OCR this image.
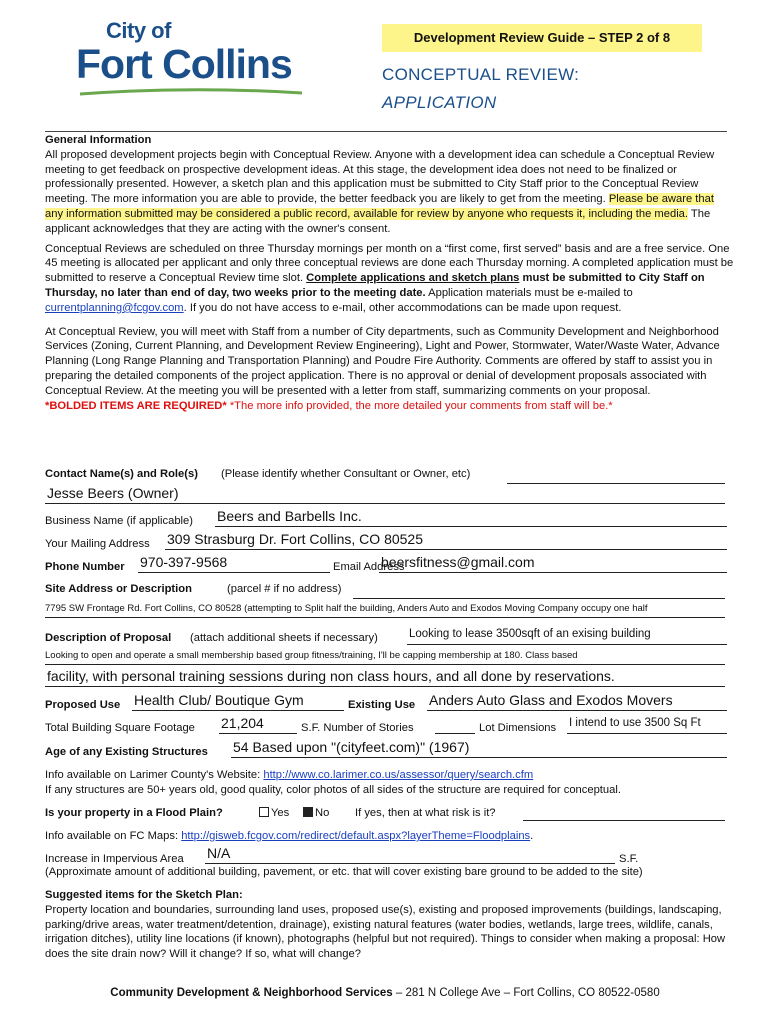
City of
Fort Collins
Development Review Guide – STEP 2 of 8
CONCEPTUAL REVIEW:
APPLICATION
General Information
All proposed development projects begin with Conceptual Review. Anyone with a development idea can schedule a Conceptual Review meeting to get feedback on prospective development ideas. At this stage, the development idea does not need to be finalized or professionally presented. However, a sketch plan and this application must be submitted to City Staff prior to the Conceptual Review meeting. The more information you are able to provide, the better feedback you are likely to get from the meeting. Please be aware that any information submitted may be considered a public record, available for review by anyone who requests it, including the media. The applicant acknowledges that they are acting with the owner's consent.
Conceptual Reviews are scheduled on three Thursday mornings per month on a “first come, first served” basis and are a free service. One 45 meeting is allocated per applicant and only three conceptual reviews are done each Thursday morning. A completed application must be submitted to reserve a Conceptual Review time slot. Complete applications and sketch plans must be submitted to City Staff on Thursday, no later than end of day, two weeks prior to the meeting date. Application materials must be e-mailed to currentplanning@fcgov.com. If you do not have access to e-mail, other accommodations can be made upon request.
At Conceptual Review, you will meet with Staff from a number of City departments, such as Community Development and Neighborhood Services (Zoning, Current Planning, and Development Review Engineering), Light and Power, Stormwater, Water/Waste Water, Advance Planning (Long Range Planning and Transportation Planning) and Poudre Fire Authority. Comments are offered by staff to assist you in preparing the detailed components of the project application. There is no approval or denial of development proposals associated with Conceptual Review. At the meeting you will be presented with a letter from staff, summarizing comments on your proposal.
*BOLDED ITEMS ARE REQUIRED* *The more info provided, the more detailed your comments from staff will be.*
Contact Name(s) and Role(s) (Please identify whether Consultant or Owner, etc)
Jesse Beers (Owner)
Business Name (if applicable) Beers and Barbells Inc.
Your Mailing Address 309 Strasburg Dr. Fort Collins, CO 80525
Phone Number 970-397-9568	Email Address
beersfitness@gmail.com
Site Address or Description	(parcel # if no address)
7795 SW Frontage Rd. Fort Collins, CO 80528 (attempting to Split half the building, Anders Auto and Exodos Moving Company occupy one half
Description of Proposal (attach additional sheets if necessary)	Looking to lease 3500sqft of an exising building
Looking to open and operate a small membership based group fitness/training, I'll be capping membership at 180. Class based
facility, with personal training sessions during non class hours, and all done by reservations.
Proposed Use Health Club/ Boutique Gym	Existing Use Anders Auto Glass and Exodos Movers
Total Building Square Footage 21,204	S.F. Number of Stories	Lot Dimensions I intend to use 3500 Sq Ft
Age of any Existing Structures 54 Based upon "(cityfeet.com)" (1967)
Info available on Larimer County's Website: http://www.co.larimer.co.us/assessor/query/search.cfm
If any structures are 50+ years old, good quality, color photos of all sides of the structure are required for conceptual.
Is your property in a Flood Plain?	Yes	No If yes, then at what risk is it?
Info available on FC Maps: http://gisweb.fcgov.com/redirect/default.aspx?layerTheme=Floodplains.
Increase in Impervious Area N/A	S.F.
(Approximate amount of additional building, pavement, or etc. that will cover existing bare ground to be added to the site)
Suggested items for the Sketch Plan:
Property location and boundaries, surrounding land uses, proposed use(s), existing and proposed improvements (buildings, landscaping, parking/drive areas, water treatment/detention, drainage), existing natural features (water bodies, wetlands, large trees, wildlife, canals, irrigation ditches), utility line locations (if known), photographs (helpful but not required). Things to consider when making a proposal: How does the site drain now? Will it change? If so, what will change?
Community Development & Neighborhood Services – 281 N College Ave – Fort Collins, CO 80522-0580
